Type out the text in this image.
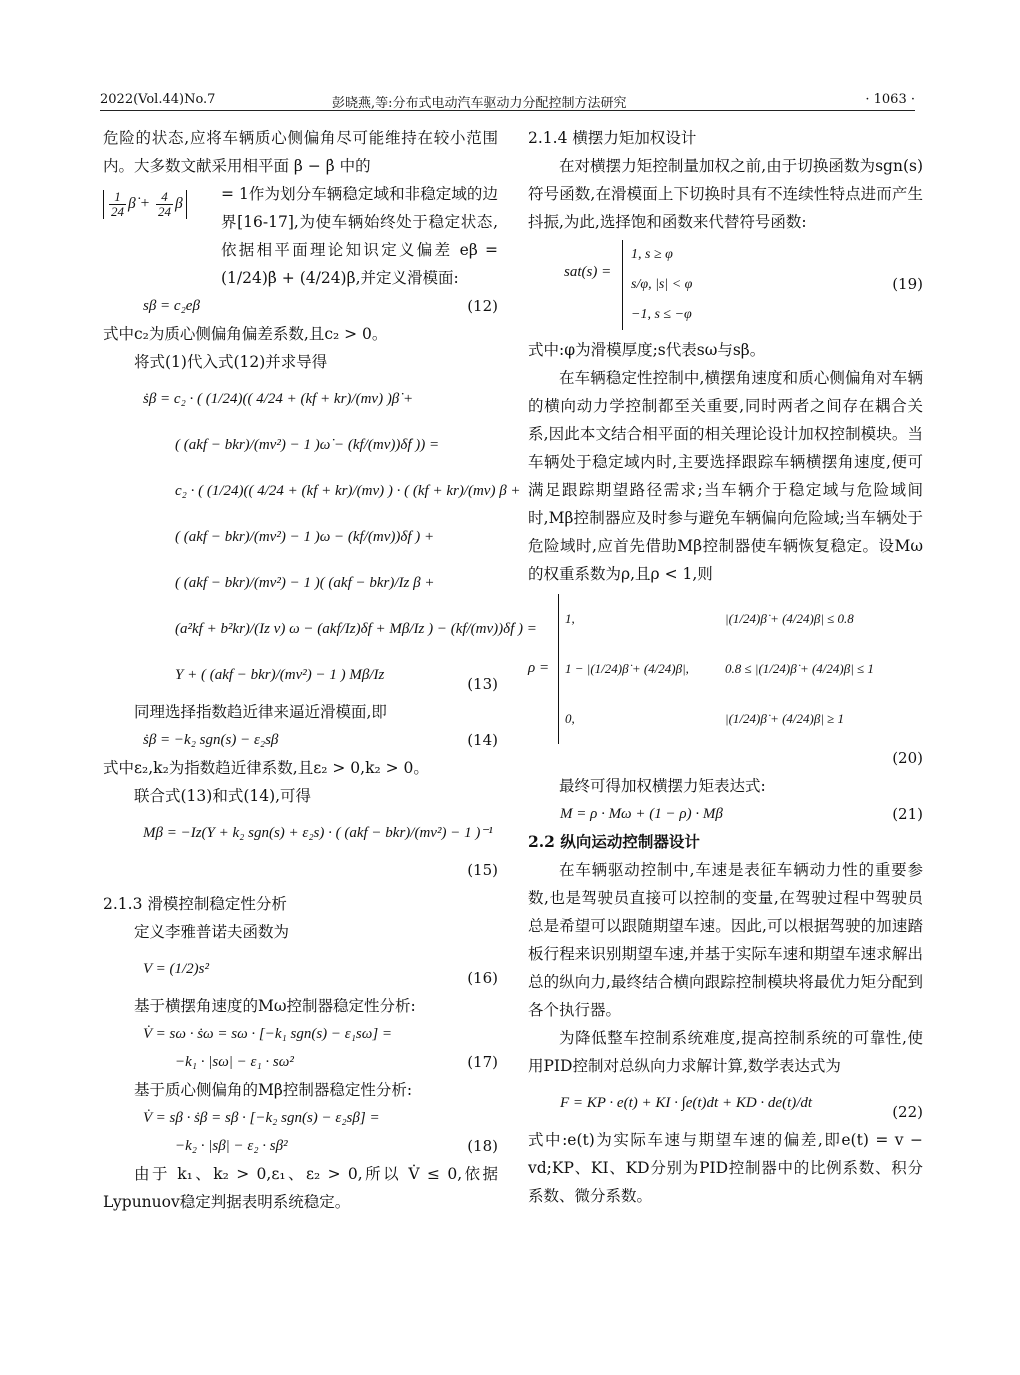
2022(Vol.44)No.7	彭晓燕,等:分布式电动汽车驱动力分配控制方法研究	· 1063 ·

危险的状态,应将车辆质心侧偏角尽可能维持在较小范围内。大多数文献采用相平面 β − β̇ 中的

$\frac{1}{24}$ β̇ + $\frac{4}{24}$ β

= 1作为划分车辆稳定域和非稳定域的边界[16-17],为使车辆始终处于稳定状态,依据相平面理论知识定义偏差 eβ = (1/24)β̇ + (4/24)β,并定义滑模面:

sβ = c₂eβ	(12)

式中c₂为质心侧偏角偏差系数,且c₂ > 0。

将式(1)代入式(12)并求导得

ṡβ = c₂ · ( (1/24)(( 4/24 + (kf + kr)/(mv) )β̇ +
( (akf − bkr)/(mv²) − 1 )ω̇ − (kf/(mv))δ̇f )) =
c₂ · ( (1/24)(( 4/24 + (kf + kr)/(mv) ) · ( (kf + kr)/(mv) β +
( (akf − bkr)/(mv²) − 1 )ω − (kf/(mv))δf ) +
( (akf − bkr)/(mv²) − 1 )( (akf − bkr)/Iz β +
(a²kf + b²kr)/(Iz v) ω − (akf/Iz)δf + Mβ/Iz ) − (kf/(mv))δ̇f ) =
Y + ( (akf − bkr)/(mv²) − 1 ) Mβ/Iz	(13)

同理选择指数趋近律来逼近滑模面,即

ṡβ = −k₂ sgn(s) − ε₂sβ	(14)

式中ε₂,k₂为指数趋近律系数,且ε₂ > 0,k₂ > 0。

联合式(13)和式(14),可得

Mβ = −Iz(Y + k₂ sgn(s) + ε₂s) · ( (akf − bkr)/(mv²) − 1 )⁻¹
(15)

2.1.3 滑模控制稳定性分析

定义李雅普诺夫函数为

V = (1/2)s²	(16)

基于横摆角速度的Mω控制器稳定性分析:

V̇ = sω · ṡω = sω · [−k₁ sgn(s) − ε₁sω] =
−k₁ · |sω| − ε₁ · sω²	(17)

基于质心侧偏角的Mβ控制器稳定性分析:

V̇ = sβ · ṡβ = sβ · [−k₂ sgn(s) − ε₂sβ] =
−k₂ · |sβ| − ε₂ · sβ²	(18)

由于 k₁、k₂ > 0,ε₁、ε₂ > 0,所以 V̇ ≤ 0,依据Lypunuov稳定判据表明系统稳定。

2.1.4 横摆力矩加权设计

在对横摆力矩控制量加权之前,由于切换函数为sgn(s)符号函数,在滑模面上下切换时具有不连续性特点进而产生抖振,为此,选择饱和函数来代替符号函数:

sat(s) =
1, s ≥ φ
s/φ, |s| < φ
−1, s ≤ −φ
(19)

式中:φ为滑模厚度;s代表sω与sβ。

在车辆稳定性控制中,横摆角速度和质心侧偏角对车辆的横向动力学控制都至关重要,同时两者之间存在耦合关系,因此本文结合相平面的相关理论设计加权控制模块。当车辆处于稳定域内时,主要选择跟踪车辆横摆角速度,便可满足跟踪期望路径需求;当车辆介于稳定域与危险域间时,Mβ控制器应及时参与避免车辆偏向危险域;当车辆处于危险域时,应首先借助Mβ控制器使车辆恢复稳定。设Mω的权重系数为ρ,且ρ < 1,则

ρ =
1,	|(1/24)β̇ + (4/24)β| ≤ 0.8
1 − |(1/24)β̇ + (4/24)β|,	0.8 ≤ |(1/24)β̇ + (4/24)β| ≤ 1
0,	|(1/24)β̇ + (4/24)β| ≥ 1
(20)

最终可得加权横摆力矩表达式:

M = ρ · Mω + (1 − ρ) · Mβ	(21)

2.2 纵向运动控制器设计

在车辆驱动控制中,车速是表征车辆动力性的重要参数,也是驾驶员直接可以控制的变量,在驾驶过程中驾驶员总是希望可以跟随期望车速。因此,可以根据驾驶的加速踏板行程来识别期望车速,并基于实际车速和期望车速求解出总的纵向力,最终结合横向跟踪控制模块将最优力矩分配到各个执行器。

为降低整车控制系统难度,提高控制系统的可靠性,使用PID控制对总纵向力求解计算,数学表达式为

F = KP · e(t) + KI · ∫e(t)dt + KD · de(t)/dt	(22)

式中:e(t)为实际车速与期望车速的偏差,即e(t) = v − vd;KP、KI、KD分别为PID控制器中的比例系数、积分系数、微分系数。
